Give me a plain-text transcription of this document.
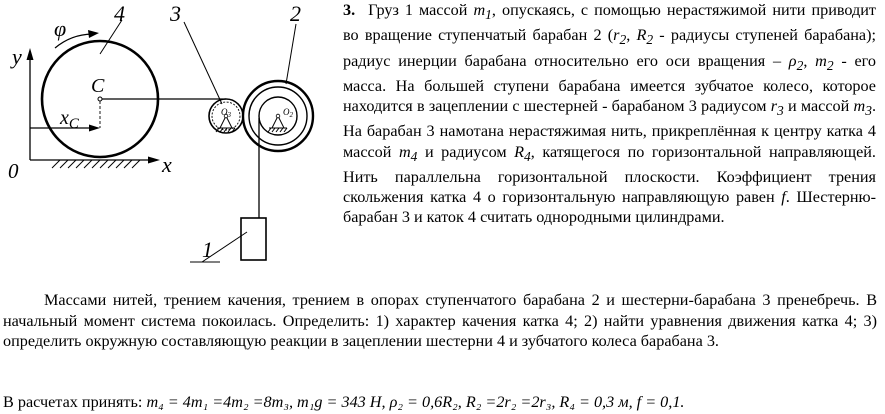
y
x
0
φ
C
$x_C$
4 3	2
1
$O_3$	$O_2$
3. Груз 1 массой $m_1$, опускаясь, с помощью нерастяжимой нити приводит во вращение ступенчатый барабан 2 ($r_2$, $R_2$ - радиусы ступеней барабана); радиус инерции барабана относительно его оси вращения – $\rho_2$, $m_2$ - его масса. На большей ступени барабана имеется зубчатое колесо, которое находится в зацеплении с шестерней - барабаном 3 радиусом $r_3$ и массой $m_3$. На барабан 3 намотана нерастяжимая нить, прикреплённая к центру катка 4 массой $m_4$ и радиусом $R_4$, катящегося по горизонтальной направляющей. Нить параллельна горизонтальной плоскости. Коэффициент трения скольжения катка 4 о горизонтальную направляющую равен f. Шестерню-барабан 3 и каток 4 считать однородными цилиндрами.
Массами нитей, трением качения, трением в опорах ступенчатого барабана 2 и шестерни-барабана 3 пренебречь. В начальный момент система покоилась. Определить: 1) характер качения катка 4; 2) найти уравнения движения катка 4; 3) определить окружную составляющую реакции в зацеплении шестерни 4 и зубчатого колеса барабана 3.
В расчетах принять: m₄ = 4m₁ =4m₂ =8m₃, m₁g = 343 Н, ρ₂ = 0,6R₂, R₂ =2r₂ =2r₃, R₄ = 0,3 м, f = 0,1.
